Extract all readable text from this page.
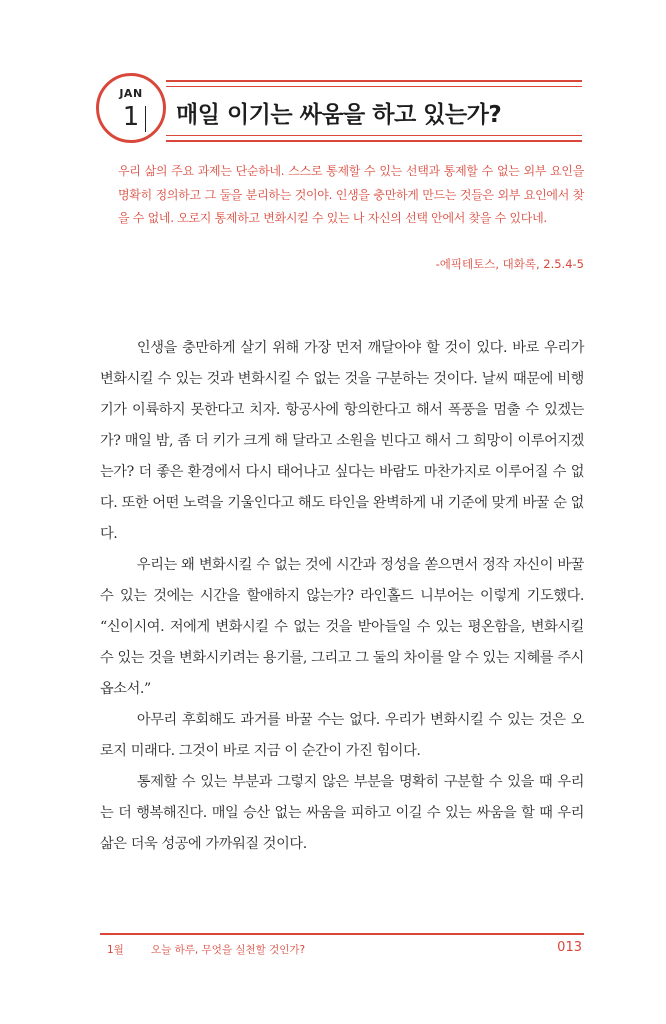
JAN
1	매일 이기는 싸움을 하고 있는가?

우리 삶의 주요 과제는 단순하네. 스스로 통제할 수 있는 선택과 통제할 수 없는 외부 요인을 명확히 정의하고 그 둘을 분리하는 것이야. 인생을 충만하게 만드는 것들은 외부 요인에서 찾을 수 없네. 오로지 통제하고 변화시킬 수 있는 나 자신의 선택 안에서 찾을 수 있다네.

-에픽테토스, 대화록, 2.5.4-5

인생을 충만하게 살기 위해 가장 먼저 깨달아야 할 것이 있다. 바로 우리가 변화시킬 수 있는 것과 변화시킬 수 없는 것을 구분하는 것이다. 날씨 때문에 비행기가 이륙하지 못한다고 치자. 항공사에 항의한다고 해서 폭풍을 멈출 수 있겠는가? 매일 밤, 좀 더 키가 크게 해 달라고 소원을 빈다고 해서 그 희망이 이루어지겠는가? 더 좋은 환경에서 다시 태어나고 싶다는 바람도 마찬가지로 이루어질 수 없다. 또한 어떤 노력을 기울인다고 해도 타인을 완벽하게 내 기준에 맞게 바꿀 순 없다.

우리는 왜 변화시킬 수 없는 것에 시간과 정성을 쏟으면서 정작 자신이 바꿀 수 있는 것에는 시간을 할애하지 않는가? 라인홀드 니부어는 이렇게 기도했다. “신이시여. 저에게 변화시킬 수 없는 것을 받아들일 수 있는 평온함을, 변화시킬 수 있는 것을 변화시키려는 용기를, 그리고 그 둘의 차이를 알 수 있는 지혜를 주시옵소서.”

아무리 후회해도 과거를 바꿀 수는 없다. 우리가 변화시킬 수 있는 것은 오로지 미래다. 그것이 바로 지금 이 순간이 가진 힘이다.

통제할 수 있는 부분과 그렇지 않은 부분을 명확히 구분할 수 있을 때 우리는 더 행복해진다. 매일 승산 없는 싸움을 피하고 이길 수 있는 싸움을 할 때 우리 삶은 더욱 성공에 가까워질 것이다.

1월	오늘 하루, 무엇을 실천할 것인가?	013
